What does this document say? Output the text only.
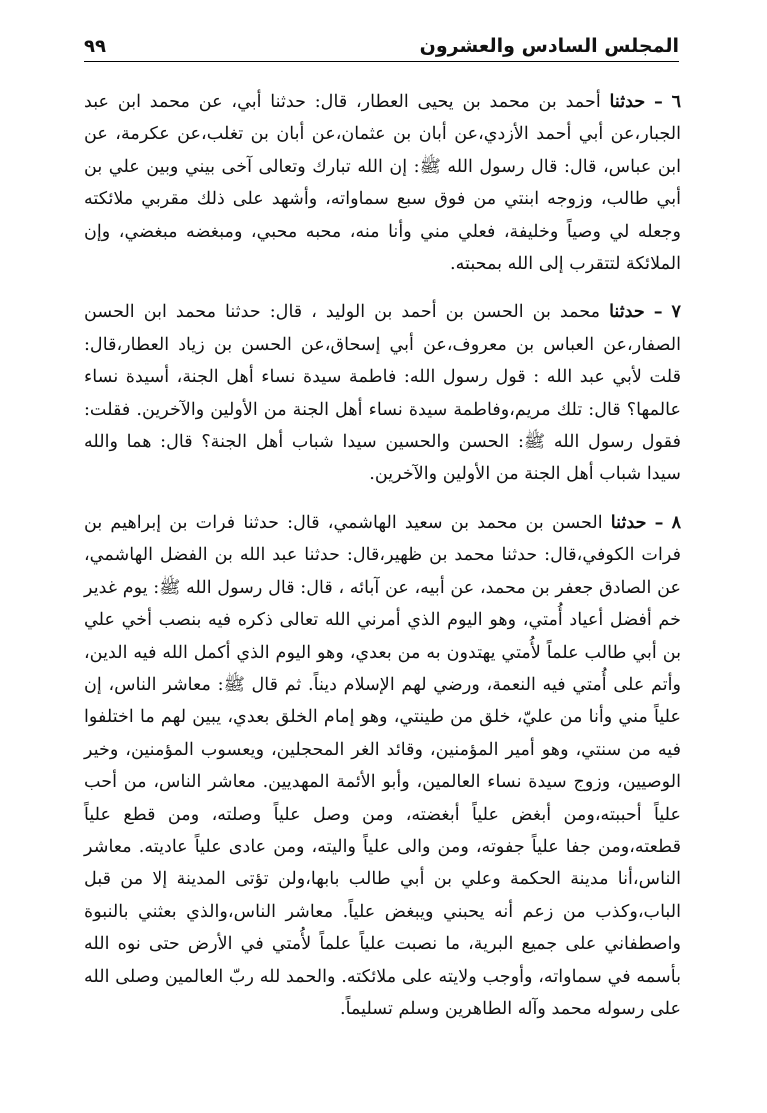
المجلس السادس والعشرون
٩٩

٦ – حدثنا أحمد بن محمد بن يحيى العطار، قال: حدثنا أبي، عن محمد ابن عبد الجبار،عن أبي أحمد الأزدي،عن أبان بن عثمان،عن أبان بن تغلب،عن عكرمة، عن ابن عباس، قال: قال رسول الله ﷺ: إن الله تبارك وتعالى آخى بيني وبين علي بن أبي طالب، وزوجه ابنتي من فوق سبع سماواته، وأشهد على ذلك مقربي ملائكته وجعله لي وصياً وخليفة، فعلي مني وأنا منه، محبه محبي، ومبغضه مبغضي، وإن الملائكة لتتقرب إلى الله بمحبته.

٧ – حدثنا محمد بن الحسن بن أحمد بن الوليد ، قال: حدثنا محمد ابن الحسن الصفار،عن العباس بن معروف،عن أبي إسحاق،عن الحسن بن زياد العطار،قال: قلت لأبي عبد الله : قول رسول الله: فاطمة سيدة نساء أهل الجنة، أسيدة نساء عالمها؟ قال: تلك مريم،وفاطمة سيدة نساء أهل الجنة من الأولين والآخرين. فقلت: فقول رسول الله ﷺ: الحسن والحسين سيدا شباب أهل الجنة؟ قال: هما والله سيدا شباب أهل الجنة من الأولين والآخرين.

٨ – حدثنا الحسن بن محمد بن سعيد الهاشمي، قال: حدثنا فرات بن إبراهيم بن فرات الكوفي،قال: حدثنا محمد بن ظهير،قال: حدثنا عبد الله بن الفضل الهاشمي، عن الصادق جعفر بن محمد، عن أبيه، عن آبائه ، قال: قال رسول الله ﷺ: يوم غدير خم أفضل أعياد أُمتي، وهو اليوم الذي أمرني الله تعالى ذكره فيه بنصب أخي علي بن أبي طالب علماً لأُمتي يهتدون به من بعدي، وهو اليوم الذي أكمل الله فيه الدين، وأتم على أُمتي فيه النعمة، ورضي لهم الإسلام ديناً. ثم قال ﷺ: معاشر الناس، إن علياً مني وأنا من عليّ، خلق من طينتي، وهو إمام الخلق بعدي، يبين لهم ما اختلفوا فيه من سنتي، وهو أمير المؤمنين، وقائد الغر المحجلين، ويعسوب المؤمنين، وخير الوصيين، وزوج سيدة نساء العالمين، وأبو الأئمة المهديين. معاشر الناس، من أحب علياً أحببته،ومن أبغض علياً أبغضته، ومن وصل علياً وصلته، ومن قطع علياً قطعته،ومن جفا علياً جفوته، ومن والى علياً واليته، ومن عادى علياً عاديته. معاشر الناس،أنا مدينة الحكمة وعلي بن أبي طالب بابها،ولن تؤتى المدينة إلا من قبل الباب،وكذب من زعم أنه يحبني ويبغض علياً. معاشر الناس،والذي بعثني بالنبوة واصطفاني على جميع البرية، ما نصبت علياً علماً لأُمتي في الأرض حتى نوه الله بأسمه في سماواته، وأوجب ولايته على ملائكته. والحمد لله ربّ العالمين وصلى الله على رسوله محمد وآله الطاهرين وسلم تسليماً.
